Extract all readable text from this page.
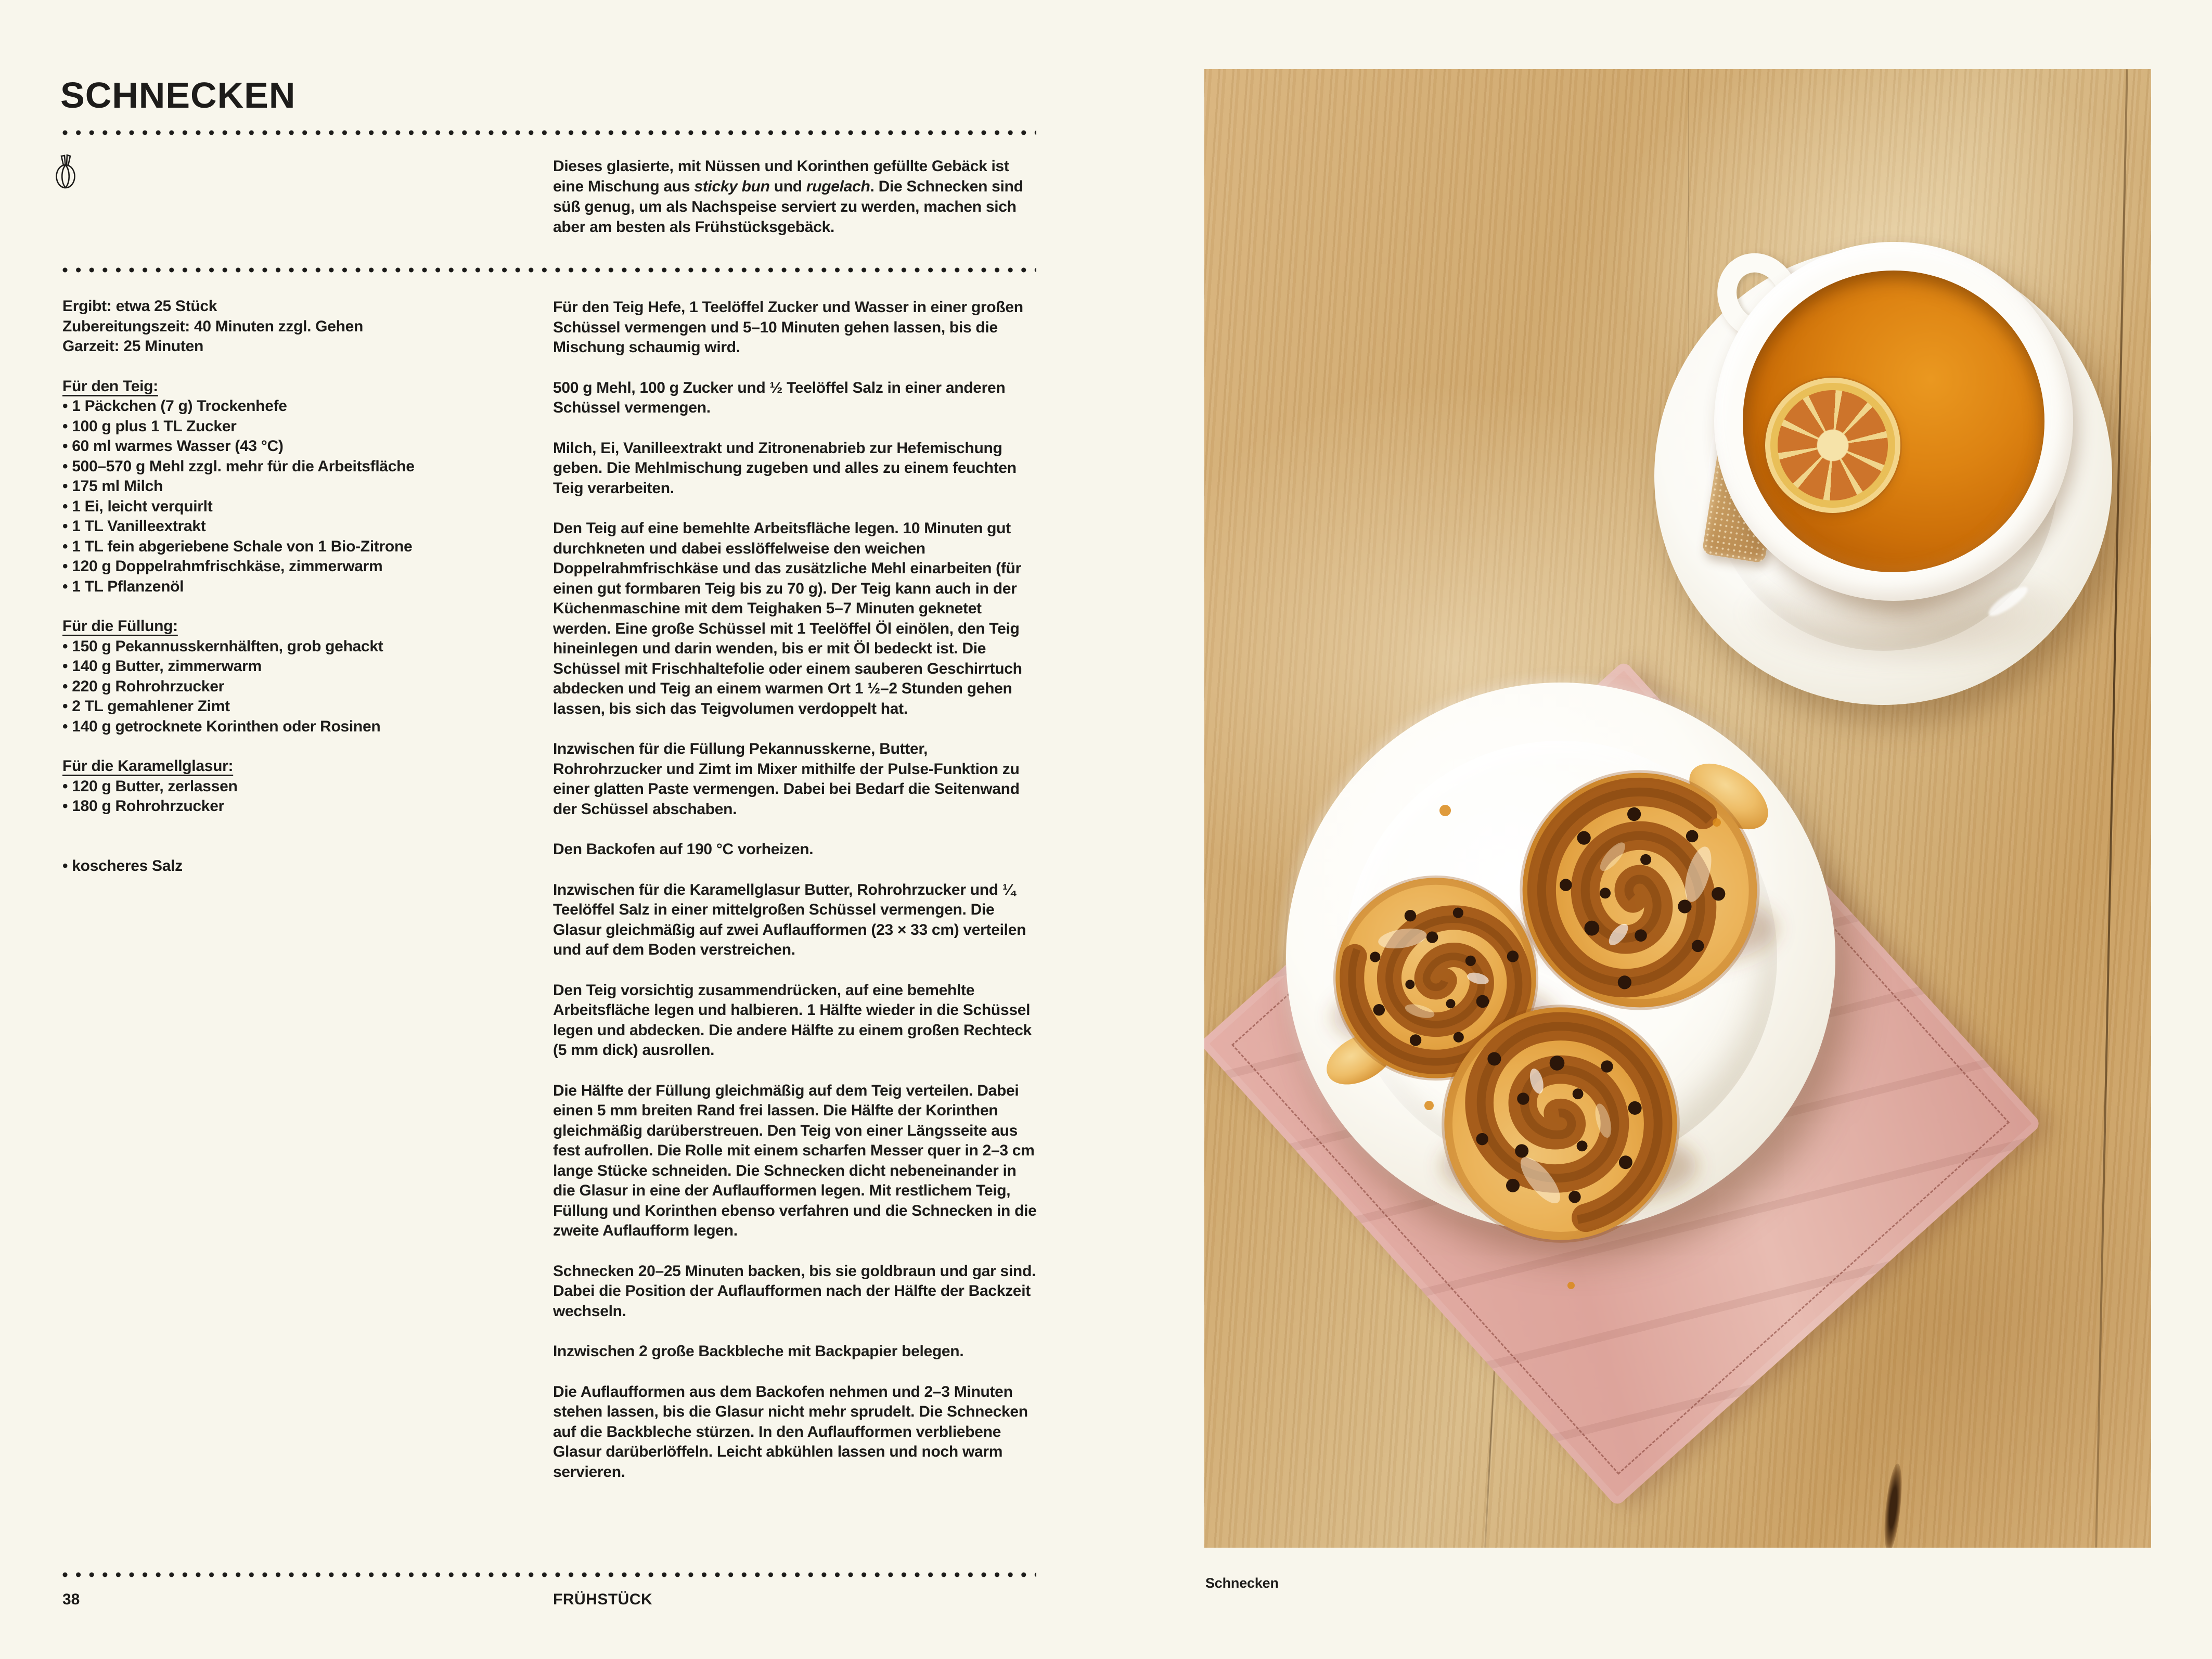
SCHNECKEN
Dieses glasierte, mit Nüssen und Korinthen gefüllte Gebäck ist eine Mischung aus sticky bun und rugelach. Die Schnecken sind süß genug, um als Nachspeise serviert zu werden, machen sich aber am besten als Frühstücksgebäck.
Ergibt: etwa 25 Stück
Zubereitungszeit: 40 Minuten zzgl. Gehen
Garzeit: 25 Minuten
Für den Teig:
• 1 Päckchen (7 g) Trockenhefe
• 100 g plus 1 TL Zucker
• 60 ml warmes Wasser (43 °C)
• 500–570 g Mehl zzgl. mehr für die Arbeitsfläche
• 175 ml Milch
• 1 Ei, leicht verquirlt
• 1 TL Vanilleextrakt
• 1 TL fein abgeriebene Schale von 1 Bio-Zitrone
• 120 g Doppelrahmfrischkäse, zimmerwarm
• 1 TL Pflanzenöl
Für die Füllung:
• 150 g Pekannusskernhälften, grob gehackt
• 140 g Butter, zimmerwarm
• 220 g Rohrohrzucker
• 2 TL gemahlener Zimt
• 140 g getrocknete Korinthen oder Rosinen
Für die Karamellglasur:
• 120 g Butter, zerlassen
• 180 g Rohrohrzucker
• koscheres Salz

Für den Teig Hefe, 1 Teelöffel Zucker und Wasser in einer großen Schüssel vermengen und 5–10 Minuten gehen lassen, bis die Mischung schaumig wird.

500 g Mehl, 100 g Zucker und ½ Teelöffel Salz in einer anderen Schüssel vermengen.

Milch, Ei, Vanilleextrakt und Zitronenabrieb zur Hefemischung geben. Die Mehlmischung zugeben und alles zu einem feuchten Teig verarbeiten.

Den Teig auf eine bemehlte Arbeitsfläche legen. 10 Minuten gut durchkneten und dabei esslöffelweise den weichen Doppelrahmfrischkäse und das zusätzliche Mehl einarbeiten (für einen gut formbaren Teig bis zu 70 g). Der Teig kann auch in der Küchenmaschine mit dem Teighaken 5–7 Minuten geknetet werden. Eine große Schüssel mit 1 Teelöffel Öl einölen, den Teig hineinlegen und darin wenden, bis er mit Öl bedeckt ist. Die Schüssel mit Frischhaltefolie oder einem sauberen Geschirrtuch abdecken und Teig an einem warmen Ort 1 ½–2 Stunden gehen lassen, bis sich das Teigvolumen verdoppelt hat.

Inzwischen für die Füllung Pekannusskerne, Butter, Rohrohrzucker und Zimt im Mixer mithilfe der Pulse-Funktion zu einer glatten Paste vermengen. Dabei bei Bedarf die Seitenwand der Schüssel abschaben.

Den Backofen auf 190 °C vorheizen.

Inzwischen für die Karamellglasur Butter, Rohrohrzucker und ¼ Teelöffel Salz in einer mittelgroßen Schüssel vermengen. Die Glasur gleichmäßig auf zwei Auflaufformen (23 × 33 cm) verteilen und auf dem Boden verstreichen.

Den Teig vorsichtig zusammendrücken, auf eine bemehlte Arbeitsfläche legen und halbieren. 1 Hälfte wieder in die Schüssel legen und abdecken. Die andere Hälfte zu einem großen Rechteck (5 mm dick) ausrollen.

Die Hälfte der Füllung gleichmäßig auf dem Teig verteilen. Dabei einen 5 mm breiten Rand frei lassen. Die Hälfte der Korinthen gleichmäßig darüberstreuen. Den Teig von einer Längsseite aus fest aufrollen. Die Rolle mit einem scharfen Messer quer in 2–3 cm lange Stücke schneiden. Die Schnecken dicht nebeneinander in die Glasur in eine der Auflaufformen legen. Mit restlichem Teig, Füllung und Korinthen ebenso verfahren und die Schnecken in die zweite Auflaufform legen.

Schnecken 20–25 Minuten backen, bis sie goldbraun und gar sind. Dabei die Position der Auflaufformen nach der Hälfte der Backzeit wechseln.

Inzwischen 2 große Backbleche mit Backpapier belegen.

Die Auflaufformen aus dem Backofen nehmen und 2–3 Minuten stehen lassen, bis die Glasur nicht mehr sprudelt. Die Schnecken auf die Backbleche stürzen. In den Auflaufformen verbliebene Glasur darüberlöffeln. Leicht abkühlen lassen und noch warm servieren.

38	FRÜHSTÜCK
Schnecken
